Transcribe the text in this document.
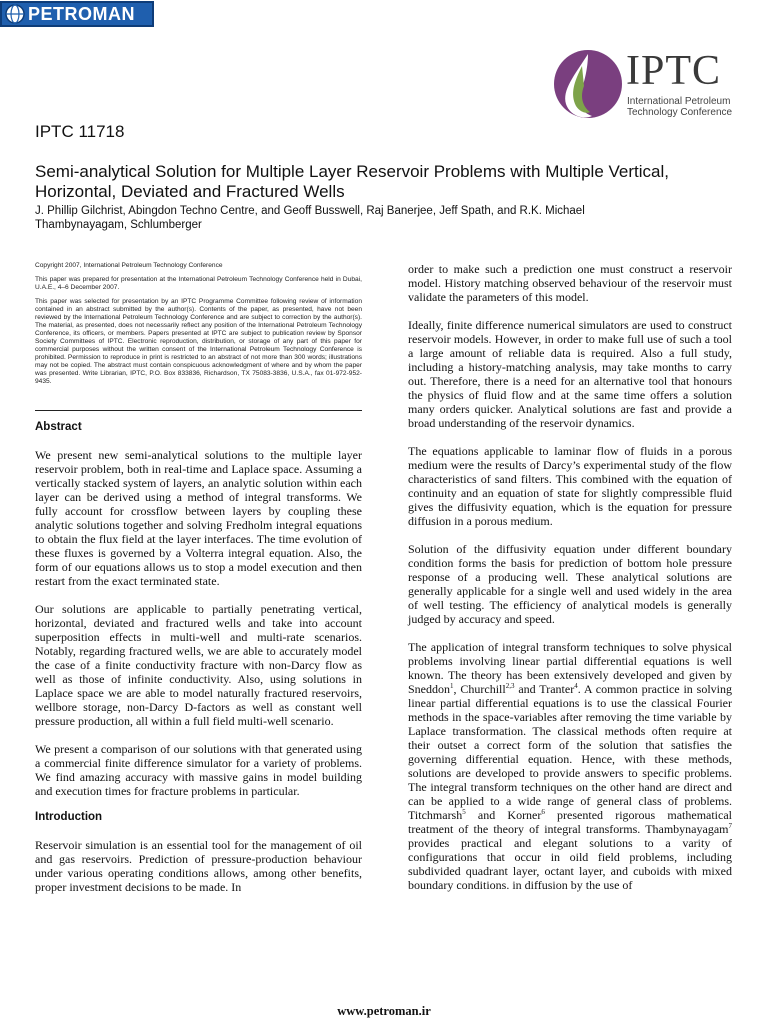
PETROMAN
IPTC
International Petroleum
Technology Conference
IPTC 11718
Semi-analytical Solution for Multiple Layer Reservoir Problems with Multiple Vertical,
Horizontal, Deviated and Fractured Wells
J. Phillip Gilchrist, Abingdon Techno Centre, and Geoff Busswell, Raj Banerjee, Jeff Spath, and R.K. Michael
Thambynayagam, Schlumberger

Copyright 2007, International Petroleum Technology Conference

This paper was prepared for presentation at the International Petroleum Technology Conference held in Dubai, U.A.E., 4–6 December 2007.

This paper was selected for presentation by an IPTC Programme Committee following review of information contained in an abstract submitted by the author(s). Contents of the paper, as presented, have not been reviewed by the International Petroleum Technology Conference and are subject to correction by the author(s). The material, as presented, does not necessarily reflect any position of the International Petroleum Technology Conference, its officers, or members. Papers presented at IPTC are subject to publication review by Sponsor Society Committees of IPTC. Electronic reproduction, distribution, or storage of any part of this paper for commercial purposes without the written consent of the International Petroleum Technology Conference is prohibited. Permission to reproduce in print is restricted to an abstract of not more than 300 words; illustrations may not be copied. The abstract must contain conspicuous acknowledgment of where and by whom the paper was presented. Write Librarian, IPTC, P.O. Box 833836, Richardson, TX 75083-3836, U.S.A., fax 01-972-952-9435.

Abstract

We present new semi-analytical solutions to the multiple layer reservoir problem, both in real-time and Laplace space. Assuming a vertically stacked system of layers, an analytic solution within each layer can be derived using a method of integral transforms. We fully account for crossflow between layers by coupling these analytic solutions together and solving Fredholm integral equations to obtain the flux field at the layer interfaces. The time evolution of these fluxes is governed by a Volterra integral equation. Also, the form of our equations allows us to stop a model execution and then restart from the exact terminated state.

Our solutions are applicable to partially penetrating vertical, horizontal, deviated and fractured wells and take into account superposition effects in multi-well and multi-rate scenarios. Notably, regarding fractured wells, we are able to accurately model the case of a finite conductivity fracture with non-Darcy flow as well as those of infinite conductivity. Also, using solutions in Laplace space we are able to model naturally fractured reservoirs, wellbore storage, non-Darcy D-factors as well as constant well pressure production, all within a full field multi-well scenario.

We present a comparison of our solutions with that generated using a commercial finite difference simulator for a variety of problems. We find amazing accuracy with massive gains in model building and execution times for fracture problems in particular.

Introduction

Reservoir simulation is an essential tool for the management of oil and gas reservoirs. Prediction of pressure-production behaviour under various operating conditions allows, among other benefits, proper investment decisions to be made. In

order to make such a prediction one must construct a reservoir model. History matching observed behaviour of the reservoir must validate the parameters of this model.

Ideally, finite difference numerical simulators are used to construct reservoir models. However, in order to make full use of such a tool a large amount of reliable data is required. Also a full study, including a history-matching analysis, may take months to carry out. Therefore, there is a need for an alternative tool that honours the physics of fluid flow and at the same time offers a solution many orders quicker. Analytical solutions are fast and provide a broad understanding of the reservoir dynamics.

The equations applicable to laminar flow of fluids in a porous medium were the results of Darcy’s experimental study of the flow characteristics of sand filters. This combined with the equation of continuity and an equation of state for slightly compressible fluid gives the diffusivity equation, which is the equation for pressure diffusion in a porous medium.

Solution of the diffusivity equation under different boundary condition forms the basis for prediction of bottom hole pressure response of a producing well. These analytical solutions are generally applicable for a single well and used widely in the area of well testing. The efficiency of analytical models is generally judged by accuracy and speed.

The application of integral transform techniques to solve physical problems involving linear partial differential equations is well known. The theory has been extensively developed and given by Sneddon$^1$, Churchill$^{2,3}$ and Tranter$^4$. A common practice in solving linear partial differential equations is to use the classical Fourier methods in the space-variables after removing the time variable by Laplace transformation. The classical methods often require at their outset a correct form of the solution that satisfies the governing differential equation. Hence, with these methods, solutions are developed to provide answers to specific problems. The integral transform techniques on the other hand are direct and can be applied to a wide range of general class of problems. Titchmarsh$^5$ and Korner$^6$ presented rigorous mathematical treatment of the theory of integral transforms. Thambynayagam$^7$ provides practical and elegant solutions to a varity of configurations that occur in oild field problems, including subdivided quadrant layer, octant layer, and cuboids with mixed boundary conditions. in diffusion by the use of

www.petroman.ir
